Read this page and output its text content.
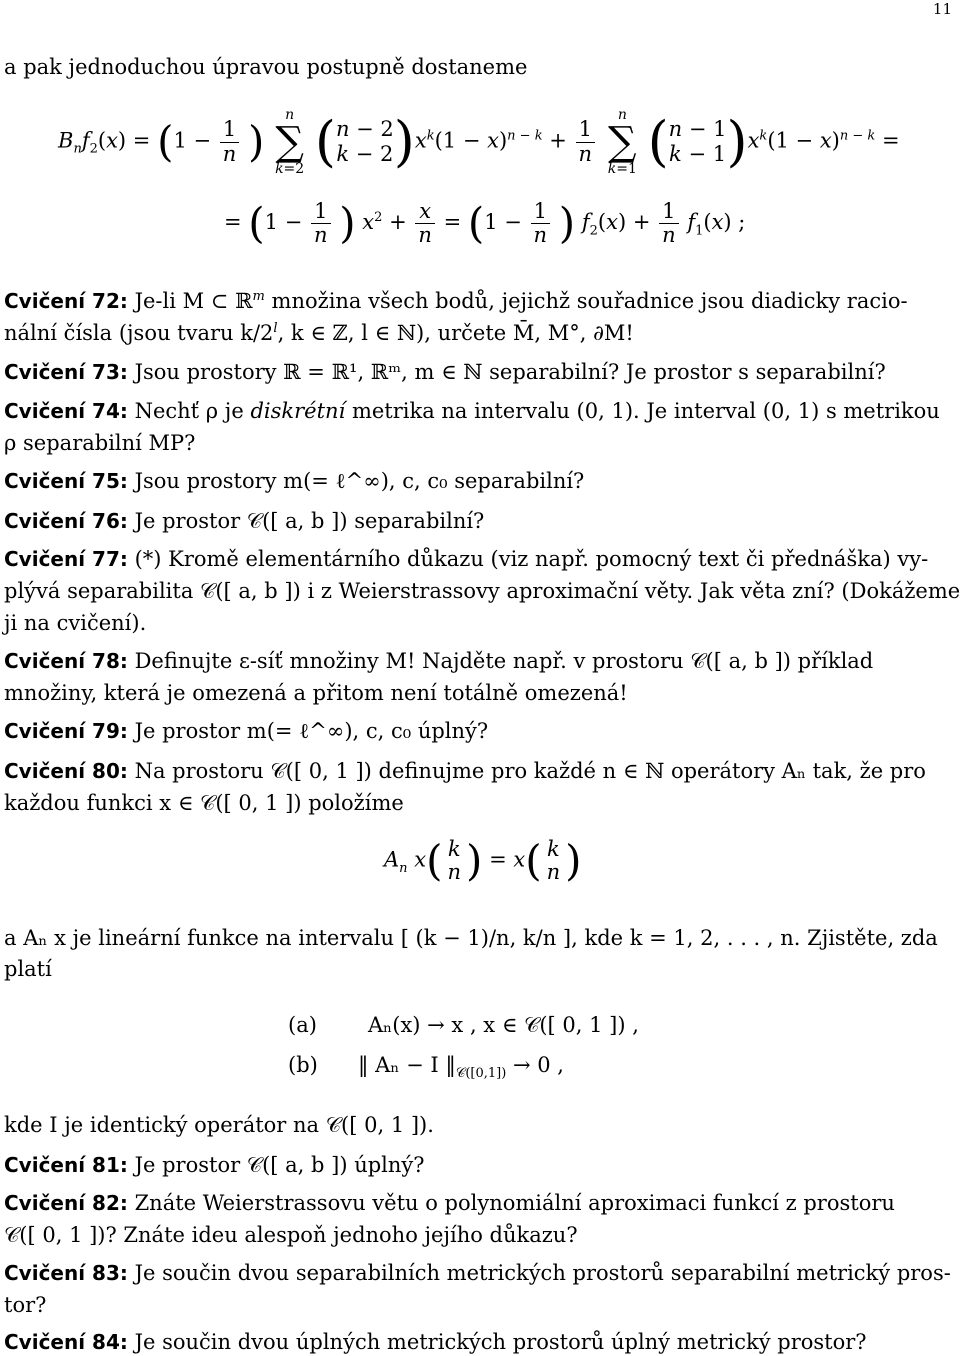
11
a pak jednoduchou úpravou postupně dostaneme
$B_nf_2(x) = (1 - \frac{1}{n}$ )
n
∑
k=2 ( n − 2
k − 2 )$x^k(1 - x)^{n - k} + \frac{1}{n}$

n
∑
k=1 ( n − 1
k − 1 )$x^k(1 - x)^{n - k}$ =
= ($1 - \frac{1}{n}$ ) $x^2 + \frac{x}{n} = (1 - \frac{1}{n}$ ) $f_2(x) + \frac{1}{n} f_1(x)$ ;
Cvičení 72: Je-li M ⊂ ℝ$^m$ množina všech bodů, jejichž souřadnice jsou diadicky racio-
nální čísla (jsou tvaru k/2$^l$, k ∈ ℤ, l ∈ ℕ), určete M̄, M°, ∂M!
Cvičení 73: Jsou prostory ℝ = ℝ¹, ℝᵐ, m ∈ ℕ separabilní? Je prostor s separabilní?
Cvičení 74: Nechť ρ je diskrétní metrika na intervalu (0, 1). Je interval (0, 1) s metrikou
ρ separabilní MP?
Cvičení 75: Jsou prostory m(= ℓ^∞), c, c₀ separabilní?
Cvičení 76: Je prostor 𝒞([ a, b ]) separabilní?
Cvičení 77: (*) Kromě elementárního důkazu (viz např. pomocný text či přednáška) vy-
plývá separabilita 𝒞([ a, b ]) i z Weierstrassovy aproximační věty. Jak věta zní? (Dokážeme
ji na cvičení).
Cvičení 78: Definujte ε-síť množiny M! Najděte např. v prostoru 𝒞([ a, b ]) příklad
množiny, která je omezená a přitom není totálně omezená!
Cvičení 79: Je prostor m(= ℓ^∞), c, c₀ úplný?
Cvičení 80: Na prostoru 𝒞([ 0, 1 ]) definujme pro každé n ∈ ℕ operátory Aₙ tak, že pro
každou funkci x ∈ 𝒞([ 0, 1 ]) položíme
$A_n$ x( k
n ) = x( k
n )
a Aₙ x je lineární funkce na intervalu [ (k − 1)/n, k/n ], kde k = 1, 2, . . . , n. Zjistěte, zda
platí
(a) Aₙ(x) → x , x ∈ 𝒞([ 0, 1 ]) ,
(b) ‖ Aₙ − I $‖_{𝒞([0,1])} \to 0$ ,
kde I je identický operátor na 𝒞([ 0, 1 ]).
Cvičení 81: Je prostor 𝒞([ a, b ]) úplný?
Cvičení 82: Znáte Weierstrassovu větu o polynomiální aproximaci funkcí z prostoru
𝒞([ 0, 1 ])? Znáte ideu alespoň jednoho jejího důkazu?
Cvičení 83: Je součin dvou separabilních metrických prostorů separabilní metrický pros-
tor?
Cvičení 84: Je součin dvou úplných metrických prostorů úplný metrický prostor?
